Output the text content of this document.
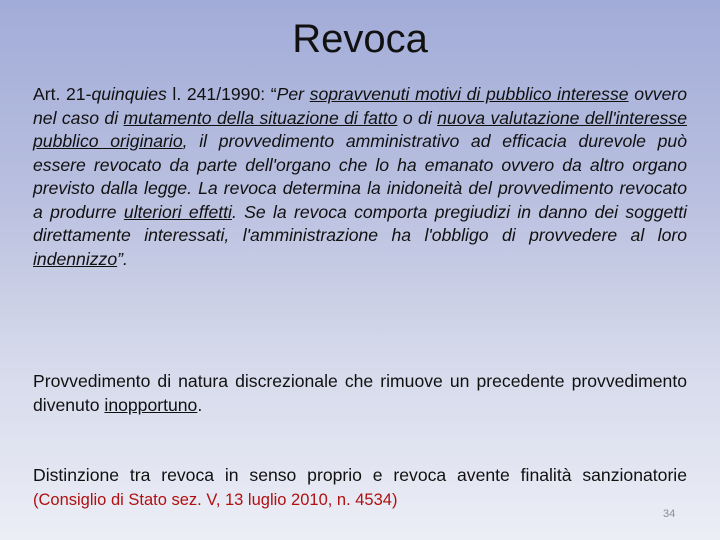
Revoca

Art. 21-quinquies l. 241/1990: “Per sopravvenuti motivi di pubblico interesse ovvero nel caso di mutamento della situazione di fatto o di nuova valutazione dell'interesse pubblico originario, il provvedimento amministrativo ad efficacia durevole può essere revocato da parte dell'organo che lo ha emanato ovvero da altro organo previsto dalla legge. La revoca determina la inidoneità del provvedimento revocato a produrre ulteriori effetti. Se la revoca comporta pregiudizi in danno dei soggetti direttamente interessati, l'amministrazione ha l'obbligo di provvedere al loro indennizzo”.

Provvedimento di natura discrezionale che rimuove un precedente provvedimento divenuto inopportuno.

Distinzione tra revoca in senso proprio e revoca avente finalità sanzionatorie (Consiglio di Stato sez. V, 13 luglio 2010, n. 4534)

34
